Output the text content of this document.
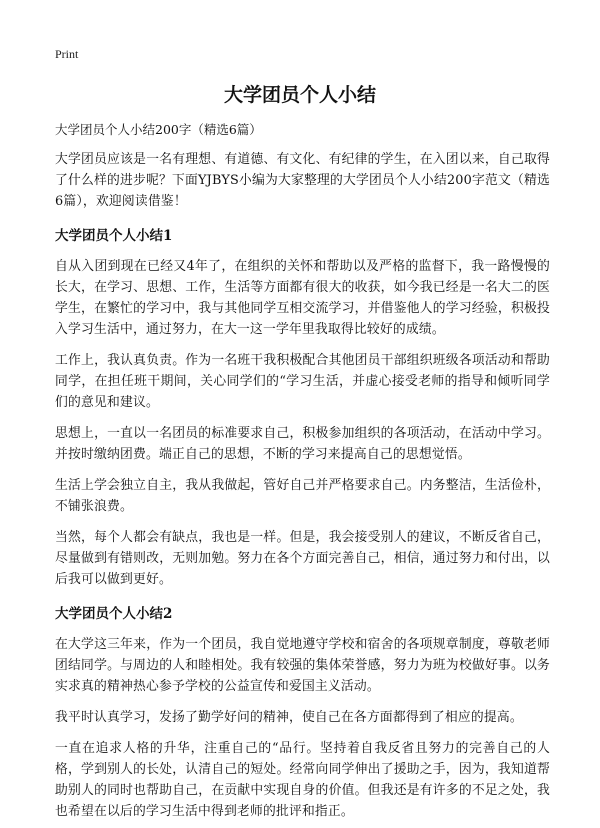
Print
大学团员个人小结
大学团员个人小结200字（精选6篇）

大学团员应该是一名有理想、有道德、有文化、有纪律的学生，在入团以来，自己取得了什么样的进步呢？下面YJBYS小编为大家整理的大学团员个人小结200字范文（精选6篇），欢迎阅读借鉴！

大学团员个人小结1

自从入团到现在已经又4年了，在组织的关怀和帮助以及严格的监督下，我一路慢慢的长大，在学习、思想、工作，生活等方面都有很大的收获，如今我已经是一名大二的医学生，在繁忙的学习中，我与其他同学互相交流学习，并借鉴他人的学习经验，积极投入学习生活中，通过努力，在大一这一学年里我取得比较好的成绩。

工作上，我认真负责。作为一名班干我积极配合其他团员干部组织班级各项活动和帮助同学，在担任班干期间，关心同学们的“学习生活，并虚心接受老师的指导和倾听同学们的意见和建议。

思想上，一直以一名团员的标准要求自己，积极参加组织的各项活动，在活动中学习。并按时缴纳团费。端正自己的思想，不断的学习来提高自己的思想觉悟。

生活上学会独立自主，我从我做起，管好自己并严格要求自己。内务整洁，生活俭朴，不铺张浪费。

当然，每个人都会有缺点，我也是一样。但是，我会接受别人的建议，不断反省自己，尽量做到有错则改，无则加勉。努力在各个方面完善自己，相信，通过努力和付出，以后我可以做到更好。

大学团员个人小结2

在大学这三年来，作为一个团员，我自觉地遵守学校和宿舍的各项规章制度，尊敬老师团结同学。与周边的人和睦相处。我有较强的集体荣誉感，努力为班为校做好事。以务实求真的精神热心参予学校的公益宣传和爱国主义活动。

我平时认真学习，发扬了勤学好问的精神，使自己在各方面都得到了相应的提高。

一直在追求人格的升华，注重自己的“品行。坚持着自我反省且努力的完善自己的人格，学到别人的长处，认清自己的短处。经常向同学伸出了援助之手，因为，我知道帮助别人的同时也帮助自己，在贡献中实现自身的价值。但我还是有许多的不足之处，我也希望在以后的学习生活中得到老师的批评和指正。
